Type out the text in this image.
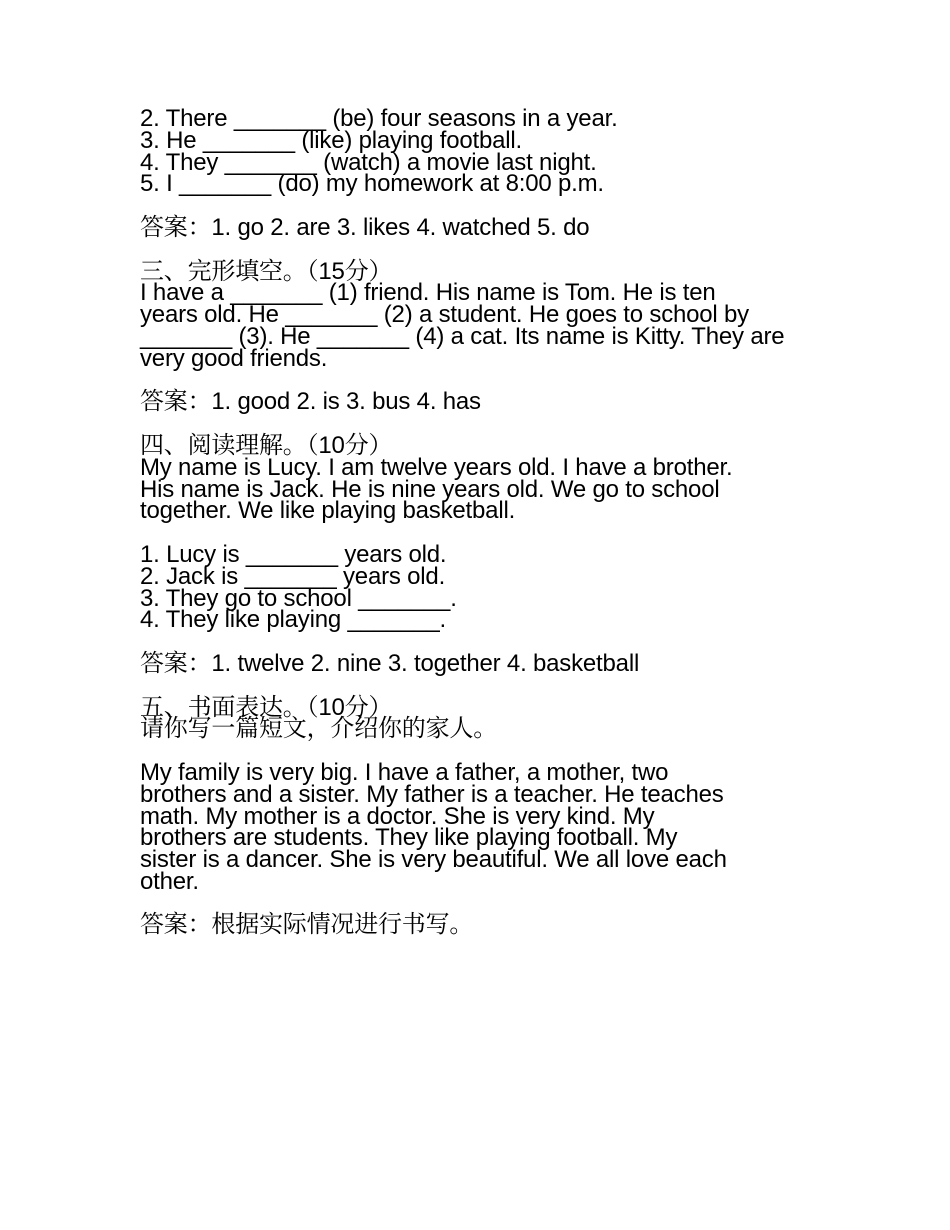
2. There _______ (be) four seasons in a year.
3. He _______ (like) playing football.
4. They _______ (watch) a movie last night.
5. I _______ (do) my homework at 8:00 p.m.
答案：1. go 2. are 3. likes 4. watched 5. do
三、完形填空。（15分）
I have a _______ (1) friend. His name is Tom. He is ten
years old. He _______ (2) a student. He goes to school by
_______ (3). He _______ (4) a cat. Its name is Kitty. They are
very good friends.
答案：1. good 2. is 3. bus 4. has
四、阅读理解。（10分）
My name is Lucy. I am twelve years old. I have a brother.
His name is Jack. He is nine years old. We go to school
together. We like playing basketball.
1. Lucy is _______ years old.
2. Jack is _______ years old.
3. They go to school _______.
4. They like playing _______.
答案：1. twelve 2. nine 3. together 4. basketball
五、书面表达。（10分）
请你写一篇短文，介绍你的家人。
My family is very big. I have a father, a mother, two
brothers and a sister. My father is a teacher. He teaches
math. My mother is a doctor. She is very kind. My
brothers are students. They like playing football. My
sister is a dancer. She is very beautiful. We all love each
other.
答案：根据实际情况进行书写。
